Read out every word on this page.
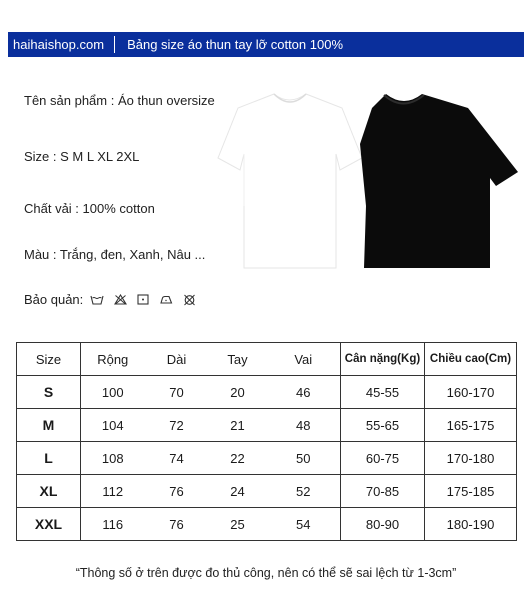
haihaishop.com Bảng size áo thun tay lỡ cotton 100%
Tên sản phẩm : Áo thun oversize
Size : S M L XL 2XL
Chất vải : 100% cotton
Màu : Trắng, đen, Xanh, Nâu ...
Bảo quản:
Size	Rộng	Dài	Tay	Vai	Cân nặng(Kg)	Chiều cao(Cm)
S	100	70	20	46	45-55	160-170
M	104	72	21	48	55-65	165-175
L	108	74	22	50	60-75	170-180
XL	112	76	24	52	70-85	175-185
XXL	116	76	25	54	80-90	180-190
“Thông số ở trên được đo thủ công, nên có thể sẽ sai lệch từ 1-3cm”
